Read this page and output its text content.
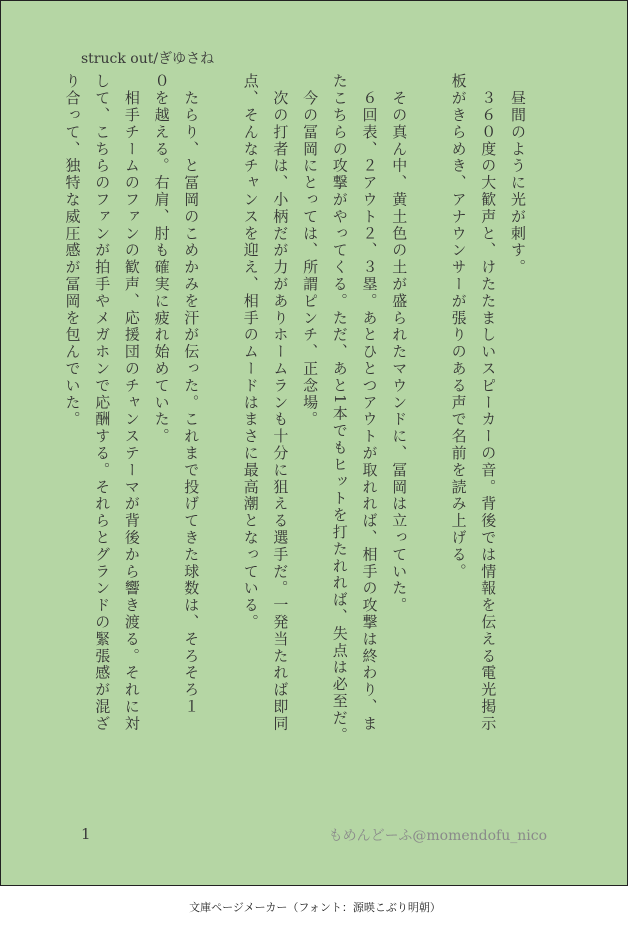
struck out/ぎゆさね
　昼間のように光が刺す。
　３６０度の大歓声と、けたたましいスピーカーの音。背後では情報を伝える電光掲示
板がきらめき、アナウンサーが張りのある声で名前を読み上げる。
　その真ん中、黄土色の土が盛られたマウンドに、冨岡は立っていた。
　６回表、２アウト２、３塁。あとひとつアウトが取れれば、相手の攻撃は終わり、ま
たこちらの攻撃がやってくる。ただ、あと1本でもヒットを打たれれば、失点は必至だ。
　今の冨岡にとっては、所謂ピンチ、正念場。
　次の打者は、小柄だが力がありホームランも十分に狙える選手だ。一発当たれば即同
点、そんなチャンスを迎え、相手のムードはまさに最高潮となっている。
　たらり、と冨岡のこめかみを汗が伝った。これまで投げてきた球数は、そろそろ１
０を越える。右肩、肘も確実に疲れ始めていた。
　相手チームのファンの歓声、応援団のチャンステーマが背後から響き渡る。それに対
して、こちらのファンが拍手やメガホンで応酬する。それらとグランドの緊張感が混ざ
り合って、独特な威圧感が冨岡を包んでいた。
1	もめんどーふ@momendofu_nico
文庫ページメーカー（フォント：源暎こぶり明朝）
